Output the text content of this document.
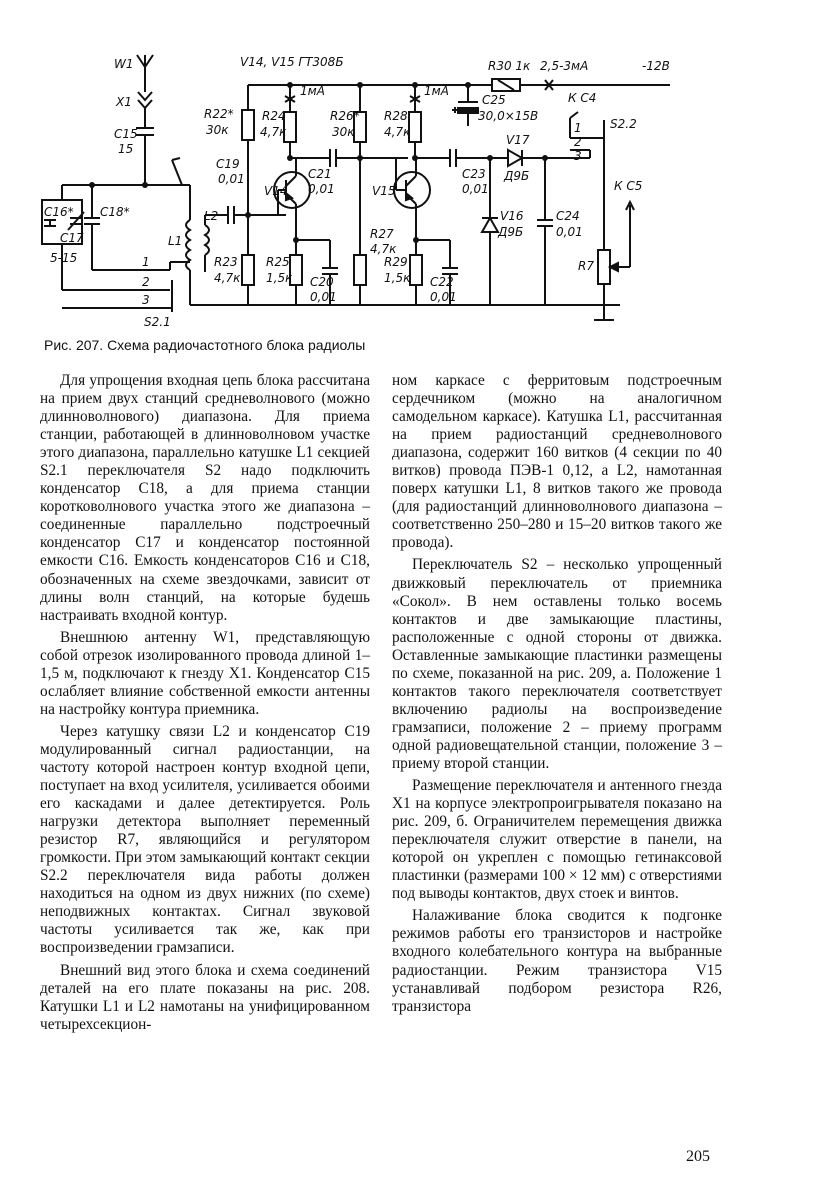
W1
X1
C15
15
C16*
C17
5-15
C18*
L1
L2
1
2
3
S2.1
C19
0,01
V14, V15 ГТ308Б	R30 1к 2,5-3мА	-12В
R22*
30к
R23
4,7к
R24
4,7к
1мА
V14
R25
1,5к C20
0,01
C21
0,01
R26*
30к
R27
4,7к
R28
4,7к
1мА
V15
R29
1,5к C22
0,01
C25
30,0×15В
C23
0,01
V17
Д9Б
V16
Д9Б
C24
0,01
К С4
S2.2
1
2
3
К С5
R7
Рис. 207. Схема радиочастотного блока радиолы

Для упрощения входная цепь блока рассчитана на прием двух станций средневолнового (можно длинноволнового) диапазона. Для приема станции, работающей в длинноволновом участке этого диапазона, параллельно катушке L1 секцией S2.1 переключателя S2 надо подключить конденсатор C18, а для приема станции коротковолнового участка этого же диапазона – соединенные параллельно подстроечный конденсатор C17 и конденсатор постоянной емкости C16. Емкость конденсаторов C16 и C18, обозначенных на схеме звездочками, зависит от длины волн станций, на которые будешь настраивать входной контур.

Внешнюю антенну W1, представляющую собой отрезок изолированного провода длиной 1–1,5 м, подключают к гнезду X1. Конденсатор C15 ослабляет влияние собственной емкости антенны на настройку контура приемника.

Через катушку связи L2 и конденсатор C19 модулированный сигнал радиостанции, на частоту которой настроен контур входной цепи, поступает на вход усилителя, усиливается обоими его каскадами и далее детектируется. Роль нагрузки детектора выполняет переменный резистор R7, являющийся и регулятором громкости. При этом замыкающий контакт секции S2.2 переключателя вида работы должен находиться на одном из двух нижних (по схеме) неподвижных контактах. Сигнал звуковой частоты усиливается так же, как при воспроизведении грамзаписи.

Внешний вид этого блока и схема соединений деталей на его плате показаны на рис. 208. Катушки L1 и L2 намотаны на унифицированном четырехсекцион-

ном каркасе с ферритовым подстроечным сердечником (можно на аналогичном самодельном каркасе). Катушка L1, рассчитанная на прием радиостанций средневолнового диапазона, содержит 160 витков (4 секции по 40 витков) провода ПЭВ-1 0,12, а L2, намотанная поверх катушки L1, 8 витков такого же провода (для радиостанций длинноволнового диапазона – соответственно 250–280 и 15–20 витков такого же провода).

Переключатель S2 – несколько упрощенный движковый переключатель от приемника «Сокол». В нем оставлены только восемь контактов и две замыкающие пластины, расположенные с одной стороны от движка. Оставленные замыкающие пластинки размещены по схеме, показанной на рис. 209, а. Положение 1 контактов такого переключателя соответствует включению радиолы на воспроизведение грамзаписи, положение 2 – приему программ одной радиовещательной станции, положение 3 – приему второй станции.

Размещение переключателя и антенного гнезда X1 на корпусе электропроигрывателя показано на рис. 209, б. Ограничителем перемещения движка переключателя служит отверстие в панели, на которой он укреплен с помощью гетинаксовой пластинки (размерами 100 × 12 мм) с отверстиями под выводы контактов, двух стоек и винтов.

Налаживание блока сводится к подгонке режимов работы его транзисторов и настройке входного колебательного контура на выбранные радиостанции. Режим транзистора V15 устанавливай подбором резистора R26, транзистора

205
